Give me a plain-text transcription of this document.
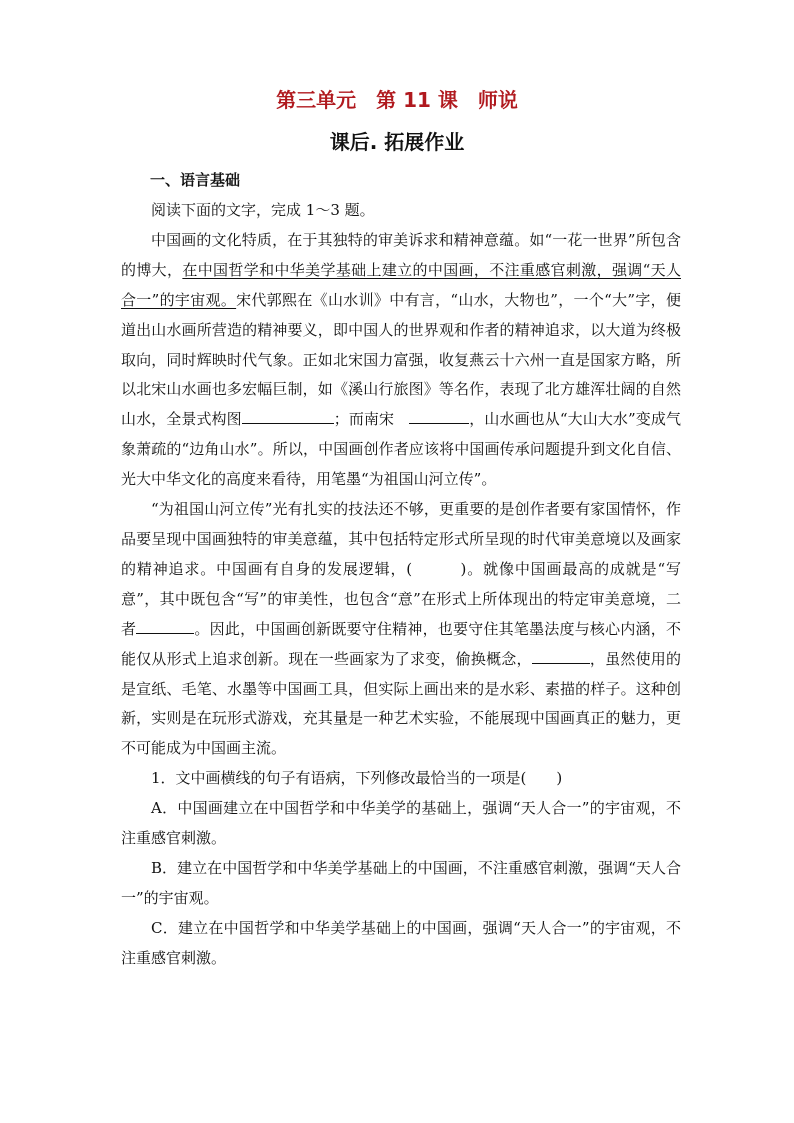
第三单元　第 11 课　师说
课后. 拓展作业
一、语言基础

阅读下面的文字，完成 1～3 题。

中国画的文化特质，在于其独特的审美诉求和精神意蕴。如“一花一世界”所包含的博大，在中国哲学和中华美学基础上建立的中国画，不注重感官刺激，强调“天人合一”的宇宙观。宋代郭熙在《山水训》中有言，“山水，大物也”，一个“大”字，便道出山水画所营造的精神要义，即中国人的世界观和作者的精神追求，以大道为终极取向，同时辉映时代气象。正如北宋国力富强，收复燕云十六州一直是国家方略，所以北宋山水画也多宏幅巨制，如《溪山行旅图》等名作，表现了北方雄浑壮阔的自然山水，全景式构图	；而南宋　	，山水画也从“大山大水”变成气象萧疏的“边角山水”。所以，中国画创作者应该将中国画传承问题提升到文化自信、光大中华文化的高度来看待，用笔墨“为祖国山河立传”。

“为祖国山河立传”光有扎实的技法还不够，更重要的是创作者要有家国情怀，作品要呈现中国画独特的审美意蕴，其中包括特定形式所呈现的时代审美意境以及画家的精神追求。中国画有自身的发展逻辑，(　　　)。就像中国画最高的成就是“写意”，其中既包含“写”的审美性，也包含“意”在形式上所体现出的特定审美意境，二者	。因此，中国画创新既要守住精神，也要守住其笔墨法度与核心内涵，不能仅从形式上追求创新。现在一些画家为了求变，偷换概念，	，虽然使用的是宣纸、毛笔、水墨等中国画工具，但实际上画出来的是水彩、素描的样子。这种创新，实则是在玩形式游戏，充其量是一种艺术实验，不能展现中国画真正的魅力，更不可能成为中国画主流。

1．文中画横线的句子有语病，下列修改最恰当的一项是(　　)

A．中国画建立在中国哲学和中华美学的基础上，强调“天人合一”的宇宙观，不注重感官刺激。

B．建立在中国哲学和中华美学基础上的中国画，不注重感官刺激，强调“天人合一”的宇宙观。

C．建立在中国哲学和中华美学基础上的中国画，强调“天人合一”的宇宙观，不注重感官刺激。
